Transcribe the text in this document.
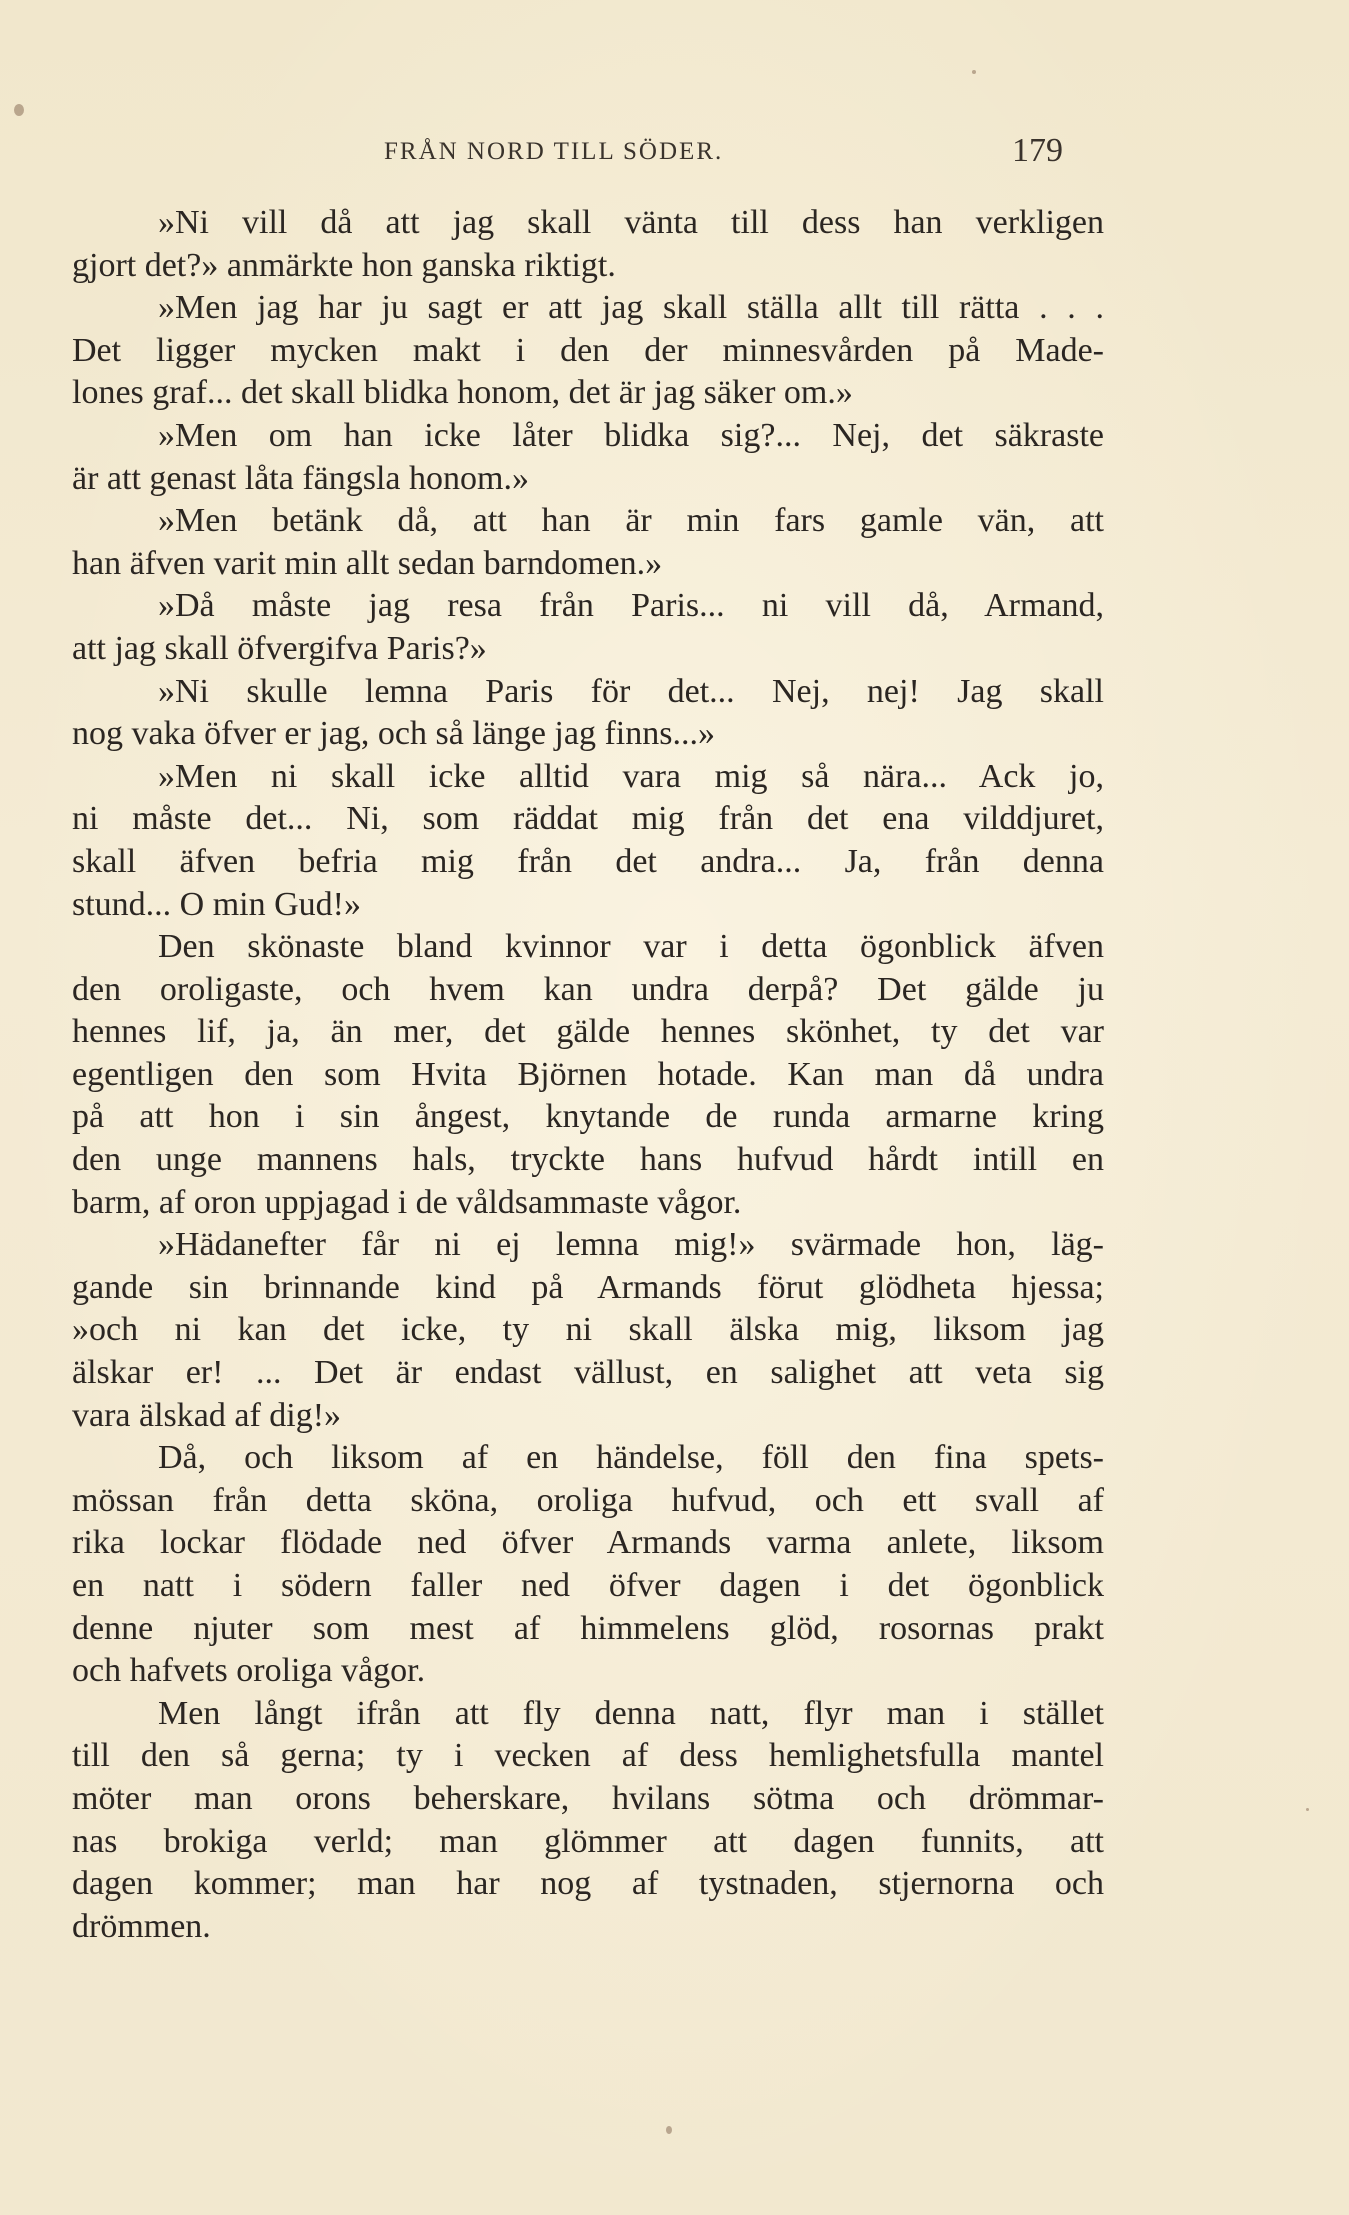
FRÅN NORD TILL SÖDER.	179
»Ni vill då att jag skall vänta till dess han verkligen
gjort det?» anmärkte hon ganska riktigt.
»Men jag har ju sagt er att jag skall ställa allt till rätta . . .
Det ligger mycken makt i den der minnesvården på Made-
lones graf... det skall blidka honom, det är jag säker om.»
»Men om han icke låter blidka sig?... Nej, det säkraste
är att genast låta fängsla honom.»
»Men betänk då, att han är min fars gamle vän, att
han äfven varit min allt sedan barndomen.»
»Då måste jag resa från Paris... ni vill då, Armand,
att jag skall öfvergifva Paris?»
»Ni skulle lemna Paris för det... Nej, nej! Jag skall
nog vaka öfver er jag, och så länge jag finns...»
»Men ni skall icke alltid vara mig så nära... Ack jo,
ni måste det... Ni, som räddat mig från det ena vilddjuret,
skall äfven befria mig från det andra... Ja, från denna
stund... O min Gud!»
Den skönaste bland kvinnor var i detta ögonblick äfven
den oroligaste, och hvem kan undra derpå? Det gälde ju
hennes lif, ja, än mer, det gälde hennes skönhet, ty det var
egentligen den som Hvita Björnen hotade. Kan man då undra
på att hon i sin ångest, knytande de runda armarne kring
den unge mannens hals, tryckte hans hufvud hårdt intill en
barm, af oron uppjagad i de våldsammaste vågor.
»Hädanefter får ni ej lemna mig!» svärmade hon, läg-
gande sin brinnande kind på Armands förut glödheta hjessa;
»och ni kan det icke, ty ni skall älska mig, liksom jag
älskar er! ... Det är endast vällust, en salighet att veta sig
vara älskad af dig!»
Då, och liksom af en händelse, föll den fina spets-
mössan från detta sköna, oroliga hufvud, och ett svall af
rika lockar flödade ned öfver Armands varma anlete, liksom
en natt i södern faller ned öfver dagen i det ögonblick
denne njuter som mest af himmelens glöd, rosornas prakt
och hafvets oroliga vågor.
Men långt ifrån att fly denna natt, flyr man i stället
till den så gerna; ty i vecken af dess hemlighetsfulla mantel
möter man orons beherskare, hvilans sötma och drömmar-
nas brokiga verld; man glömmer att dagen funnits, att
dagen kommer; man har nog af tystnaden, stjernorna och
drömmen.
